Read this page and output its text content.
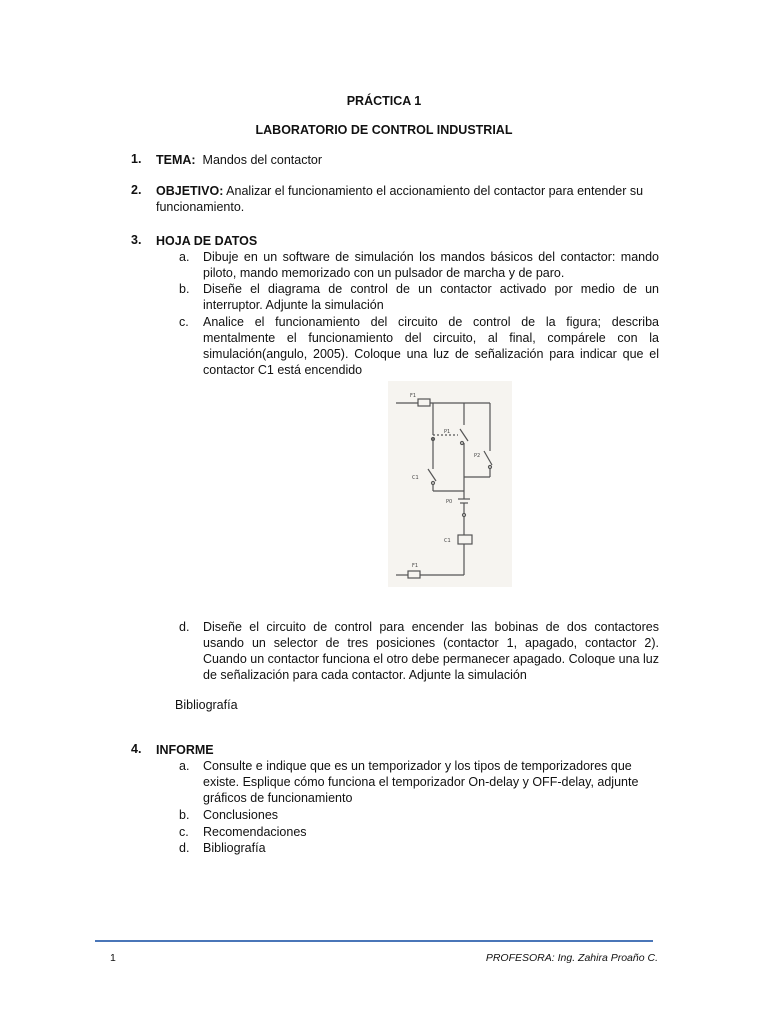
PRÁCTICA 1
LABORATORIO DE CONTROL INDUSTRIAL
1. TEMA: Mandos del contactor
2. OBJETIVO: Analizar el funcionamiento el accionamiento del contactor para entender su
funcionamiento.
3. HOJA DE DATOS
a. Dibuje en un software de simulación los mandos básicos del contactor: mando piloto, mando memorizado con un pulsador de marcha y de paro.
b. Diseñe el diagrama de control de un contactor activado por medio de un interruptor. Adjunte la simulación
c. Analice el funcionamiento del circuito de control de la figura; describa mentalmente el funcionamiento del circuito, al final, compárele con la simulación(angulo, 2005). Coloque una luz de señalización para indicar que el contactor C1 está encendido
F1
P1
P2
C1
P0
C1
F1
d. Diseñe el circuito de control para encender las bobinas de dos contactores usando un selector de tres posiciones (contactor 1, apagado, contactor 2). Cuando un contactor funciona el otro debe permanecer apagado. Coloque una luz de señalización para cada contactor. Adjunte la simulación
Bibliografía
4. INFORME
a. Consulte e indique que es un temporizador y los tipos de temporizadores que existe. Esplique cómo funciona el temporizador On-delay y OFF-delay, adjunte gráficos de funcionamiento
b. Conclusiones
c. Recomendaciones
d. Bibliografía
1	PROFESORA: Ing. Zahira Proaño C.
